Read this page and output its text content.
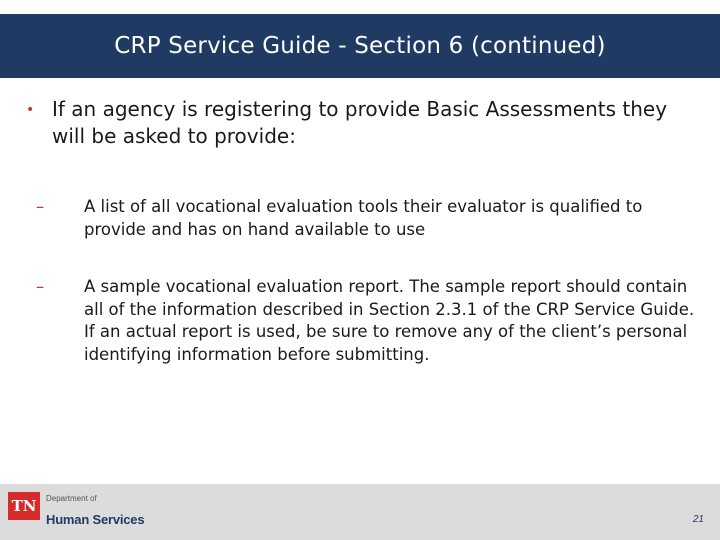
CRP Service Guide - Section 6 (continued)
• If an agency is registering to provide Basic Assessments they will be asked to provide:
– A list of all vocational evaluation tools their evaluator is qualified to provide and has on hand available to use
– A sample vocational evaluation report. The sample report should contain all of the information described in Section 2.3.1 of the CRP Service Guide. If an actual report is used, be sure to remove any of the client’s personal identifying information before submitting.
TN	Department of
Human Services	21
